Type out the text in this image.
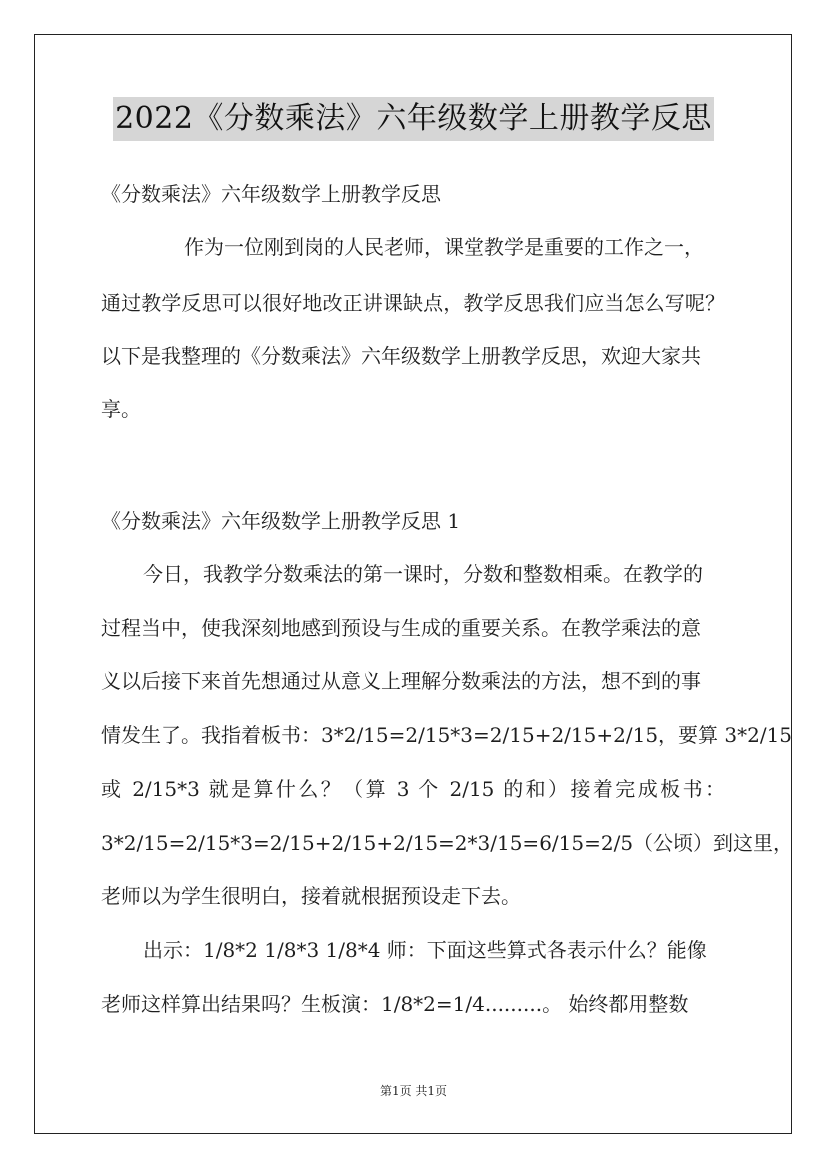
2022《分数乘法》六年级数学上册教学反思
《分数乘法》六年级数学上册教学反思
作为一位刚到岗的人民老师，课堂教学是重要的工作之一，
通过教学反思可以很好地改正讲课缺点，教学反思我们应当怎么写呢？
以下是我整理的《分数乘法》六年级数学上册教学反思，欢迎大家共
享。
《分数乘法》六年级数学上册教学反思 1
今日，我教学分数乘法的第一课时，分数和整数相乘。在教学的
过程当中，使我深刻地感到预设与生成的重要关系。在教学乘法的意
义以后接下来首先想通过从意义上理解分数乘法的方法，想不到的事
情发生了。我指着板书：3*2/15=2/15*3=2/15+2/15+2/15，要算 3*2/15
或 2/15*3 就是算什么？（算 3 个 2/15 的和）接着完成板书：
3*2/15=2/15*3=2/15+2/15+2/15=2*3/15=6/15=2/5（公顷）到这里，
老师以为学生很明白，接着就根据预设走下去。
出示：1/8*2 1/8*3 1/8*4 师：下面这些算式各表示什么？能像
老师这样算出结果吗？生板演：1/8*2=1/4.........。 始终都用整数
第1页 共1页
